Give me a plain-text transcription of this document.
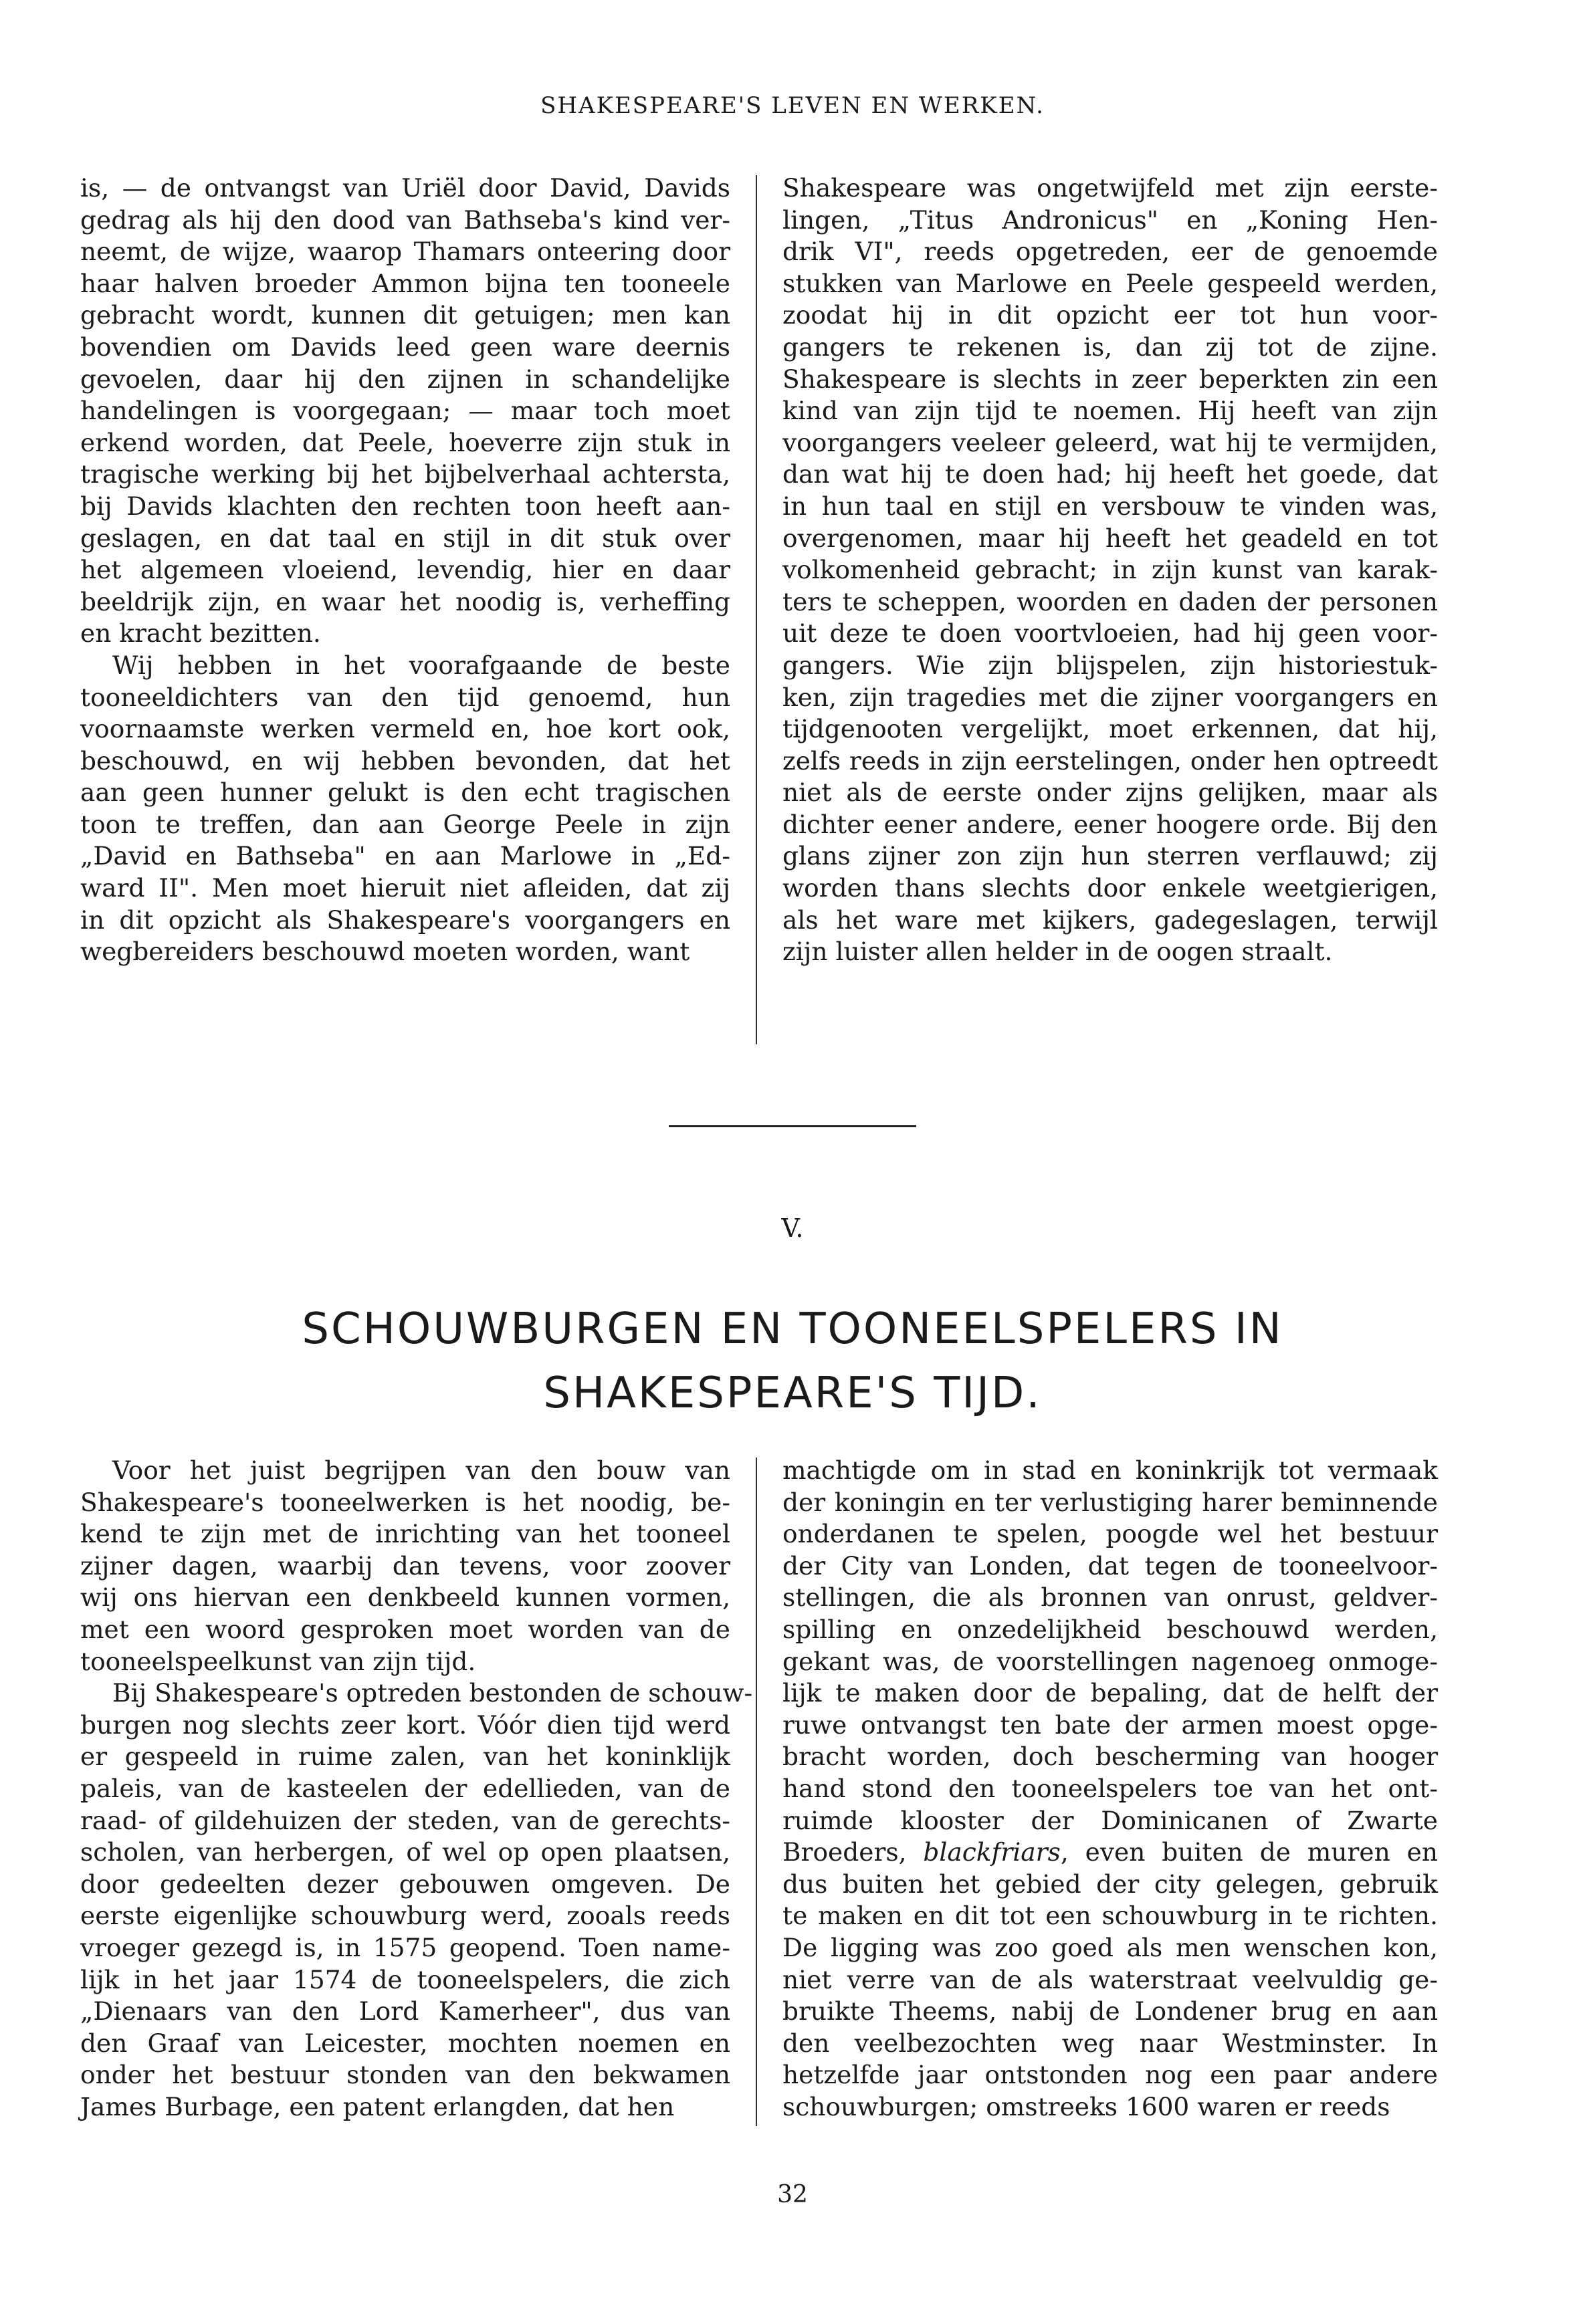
SHAKESPEARE'S LEVEN EN WERKEN.
is, — de ontvangst van Uriël door David, Davids
gedrag als hij den dood van Bathseba's kind ver-
neemt, de wijze, waarop Thamars onteering door
haar halven broeder Ammon bijna ten tooneele
gebracht wordt, kunnen dit getuigen; men kan
bovendien om Davids leed geen ware deernis
gevoelen, daar hij den zijnen in schandelijke
handelingen is voorgegaan; — maar toch moet
erkend worden, dat Peele, hoeverre zijn stuk in
tragische werking bij het bijbelverhaal achtersta,
bij Davids klachten den rechten toon heeft aan-
geslagen, en dat taal en stijl in dit stuk over
het algemeen vloeiend, levendig, hier en daar
beeldrijk zijn, en waar het noodig is, verheffing
en kracht bezitten.
Wij hebben in het voorafgaande de beste
tooneeldichters van den tijd genoemd, hun
voornaamste werken vermeld en, hoe kort ook,
beschouwd, en wij hebben bevonden, dat het
aan geen hunner gelukt is den echt tragischen
toon te treffen, dan aan George Peele in zijn
„David en Bathseba" en aan Marlowe in „Ed-
ward II". Men moet hieruit niet afleiden, dat zij
in dit opzicht als Shakespeare's voorgangers en
wegbereiders beschouwd moeten worden, want
Shakespeare was ongetwijfeld met zijn eerste-
lingen, „Titus Andronicus" en „Koning Hen-
drik VI", reeds opgetreden, eer de genoemde
stukken van Marlowe en Peele gespeeld werden,
zoodat hij in dit opzicht eer tot hun voor-
gangers te rekenen is, dan zij tot de zijne.
Shakespeare is slechts in zeer beperkten zin een
kind van zijn tijd te noemen. Hij heeft van zijn
voorgangers veeleer geleerd, wat hij te vermijden,
dan wat hij te doen had; hij heeft het goede, dat
in hun taal en stijl en versbouw te vinden was,
overgenomen, maar hij heeft het geadeld en tot
volkomenheid gebracht; in zijn kunst van karak-
ters te scheppen, woorden en daden der personen
uit deze te doen voortvloeien, had hij geen voor-
gangers. Wie zijn blijspelen, zijn historiestuk-
ken, zijn tragedies met die zijner voorgangers en
tijdgenooten vergelijkt, moet erkennen, dat hij,
zelfs reeds in zijn eerstelingen, onder hen optreedt
niet als de eerste onder zijns gelijken, maar als
dichter eener andere, eener hoogere orde. Bij den
glans zijner zon zijn hun sterren verflauwd; zij
worden thans slechts door enkele weetgierigen,
als het ware met kijkers, gadegeslagen, terwijl
zijn luister allen helder in de oogen straalt.
V.
SCHOUWBURGEN EN TOONEELSPELERS IN
SHAKESPEARE'S TIJD.
Voor het juist begrijpen van den bouw van
Shakespeare's tooneelwerken is het noodig, be-
kend te zijn met de inrichting van het tooneel
zijner dagen, waarbij dan tevens, voor zoover
wij ons hiervan een denkbeeld kunnen vormen,
met een woord gesproken moet worden van de
tooneelspeelkunst van zijn tijd.
Bij Shakespeare's optreden bestonden de schouw-
burgen nog slechts zeer kort. Vóór dien tijd werd
er gespeeld in ruime zalen, van het koninklijk
paleis, van de kasteelen der edellieden, van de
raad- of gildehuizen der steden, van de gerechts-
scholen, van herbergen, of wel op open plaatsen,
door gedeelten dezer gebouwen omgeven. De
eerste eigenlijke schouwburg werd, zooals reeds
vroeger gezegd is, in 1575 geopend. Toen name-
lijk in het jaar 1574 de tooneelspelers, die zich
„Dienaars van den Lord Kamerheer", dus van
den Graaf van Leicester, mochten noemen en
onder het bestuur stonden van den bekwamen
James Burbage, een patent erlangden, dat hen
machtigde om in stad en koninkrijk tot vermaak
der koningin en ter verlustiging harer beminnende
onderdanen te spelen, poogde wel het bestuur
der City van Londen, dat tegen de tooneelvoor-
stellingen, die als bronnen van onrust, geldver-
spilling en onzedelijkheid beschouwd werden,
gekant was, de voorstellingen nagenoeg onmoge-
lijk te maken door de bepaling, dat de helft der
ruwe ontvangst ten bate der armen moest opge-
bracht worden, doch bescherming van hooger
hand stond den tooneelspelers toe van het ont-
ruimde klooster der Dominicanen of Zwarte
Broeders, blackfriars, even buiten de muren en
dus buiten het gebied der city gelegen, gebruik
te maken en dit tot een schouwburg in te richten.
De ligging was zoo goed als men wenschen kon,
niet verre van de als waterstraat veelvuldig ge-
bruikte Theems, nabij de Londener brug en aan
den veelbezochten weg naar Westminster. In
hetzelfde jaar ontstonden nog een paar andere
schouwburgen; omstreeks 1600 waren er reeds
32
